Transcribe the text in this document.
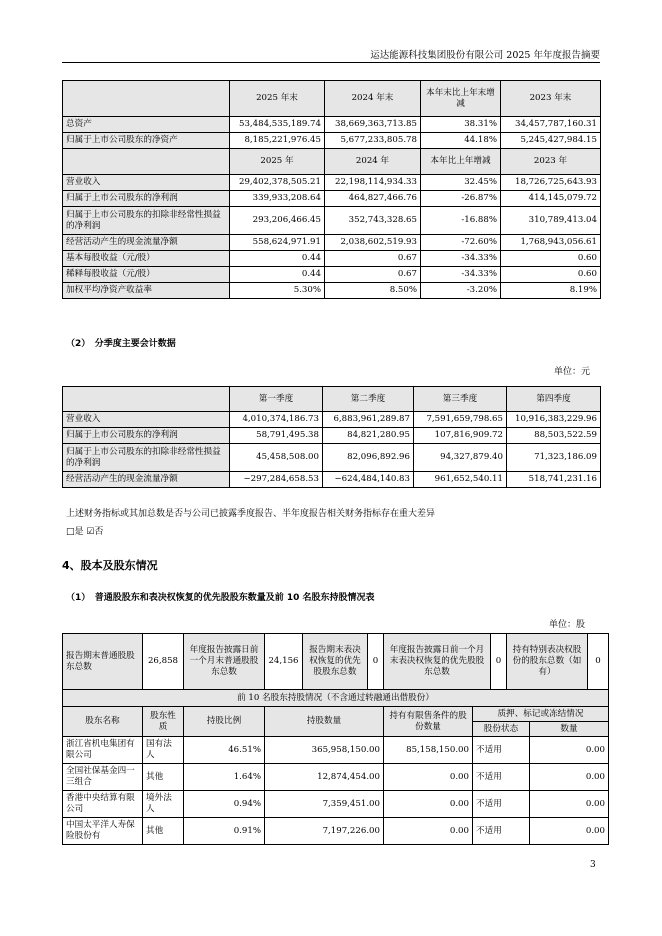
运达能源科技集团股份有限公司 2025 年年度报告摘要
	2025 年末	2024 年末	本年末比上年末增减	2023 年末
总资产	53,484,535,189.74	38,669,363,713.85	38.31%	34,457,787,160.31
归属于上市公司股东的净资产	8,185,221,976.45	5,677,233,805.78	44.18%	5,245,427,984.15
	2025 年	2024 年	本年比上年增减	2023 年
营业收入	29,402,378,505.21	22,198,114,934.33	32.45%	18,726,725,643.93
归属于上市公司股东的净利润	339,933,208.64	464,827,466.76	-26.87%	414,145,079.72
归属于上市公司股东的扣除非经常性损益的净利润	293,206,466.45	352,743,328.65	-16.88%	310,789,413.04
经营活动产生的现金流量净额	558,624,971.91	2,038,602,519.93	-72.60%	1,768,943,056.61
基本每股收益（元/股）	0.44	0.67	-34.33%	0.60
稀释每股收益（元/股）	0.44	0.67	-34.33%	0.60
加权平均净资产收益率	5.30%	8.50%	-3.20%	8.19%
（2）　分季度主要会计数据
单位：元
	第一季度	第二季度	第三季度	第四季度
营业收入	4,010,374,186.73	6,883,961,289.87	7,591,659,798.65	10,916,383,229.96
归属于上市公司股东的净利润	58,791,495.38	84,821,280.95	107,816,909.72	88,503,522.59
归属于上市公司股东的扣除非经常性损益的净利润	45,458,508.00	82,096,892.96	94,327,879.40	71,323,186.09
经营活动产生的现金流量净额	−297,284,658.53	−624,484,140.83	961,652,540.11	518,741,231.16
上述财务指标或其加总数是否与公司已披露季度报告、半年度报告相关财务指标存在重大差异
□是 ☑否
4、股本及股东情况
（1）　普通股股东和表决权恢复的优先股股东数量及前 10 名股东持股情况表
单位：股
报告期末普通股股东总数	26,858	年度报告披露日前一个月末普通股股东总数	24,156	报告期末表决权恢复的优先股股东总数	0	年度报告披露日前一个月末表决权恢复的优先股股东总数	0	持有特别表决权股份的股东总数（如有）	0
前 10 名股东持股情况（不含通过转融通出借股份）						
股东名称	股东性质	持股比例	持股数量	持有有限售条件的股份数量	质押、标记或冻结情况	
					股份状态	数量
浙江省机电集团有限公司	国有法人	46.51%	365,958,150.00	85,158,150.00	不适用	0.00
全国社保基金四一三组合	其他	1.64%	12,874,454.00	0.00	不适用	0.00
香港中央结算有限公司	境外法人	0.94%	7,359,451.00	0.00	不适用	0.00
中国太平洋人寿保险股份有	其他	0.91%	7,197,226.00	0.00	不适用	0.00
3
